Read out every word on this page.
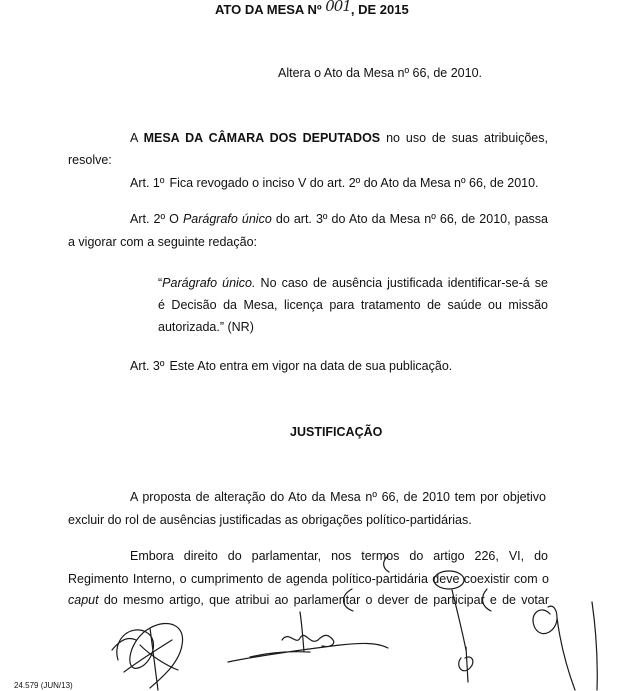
ATO DA MESA Nº 001, DE 2015
Altera o Ato da Mesa nº 66, de 2010.
A MESA DA CÂMARA DOS DEPUTADOS no uso de suas atribuições,
resolve:
Art. 1º Fica revogado o inciso V do art. 2º do Ato da Mesa nº 66, de 2010.
Art. 2º O Parágrafo único do art. 3º do Ato da Mesa nº 66, de 2010, passa
a vigorar com a seguinte redação:
“Parágrafo único. No caso de ausência justificada identificar-se-á se
é Decisão da Mesa, licença para tratamento de saúde ou missão
autorizada.” (NR)
Art. 3º Este Ato entra em vigor na data de sua publicação.
JUSTIFICAÇÃO
A proposta de alteração do Ato da Mesa nº 66, de 2010 tem por objetivo
excluir do rol de ausências justificadas as obrigações político-partidárias.
Embora direito do parlamentar, nos termos do artigo 226, VI, do
Regimento Interno, o cumprimento de agenda político-partidária deve coexistir com o
caput do mesmo artigo, que atribui ao parlamentar o dever de participar e de votar
24.579 (JUN/13)
